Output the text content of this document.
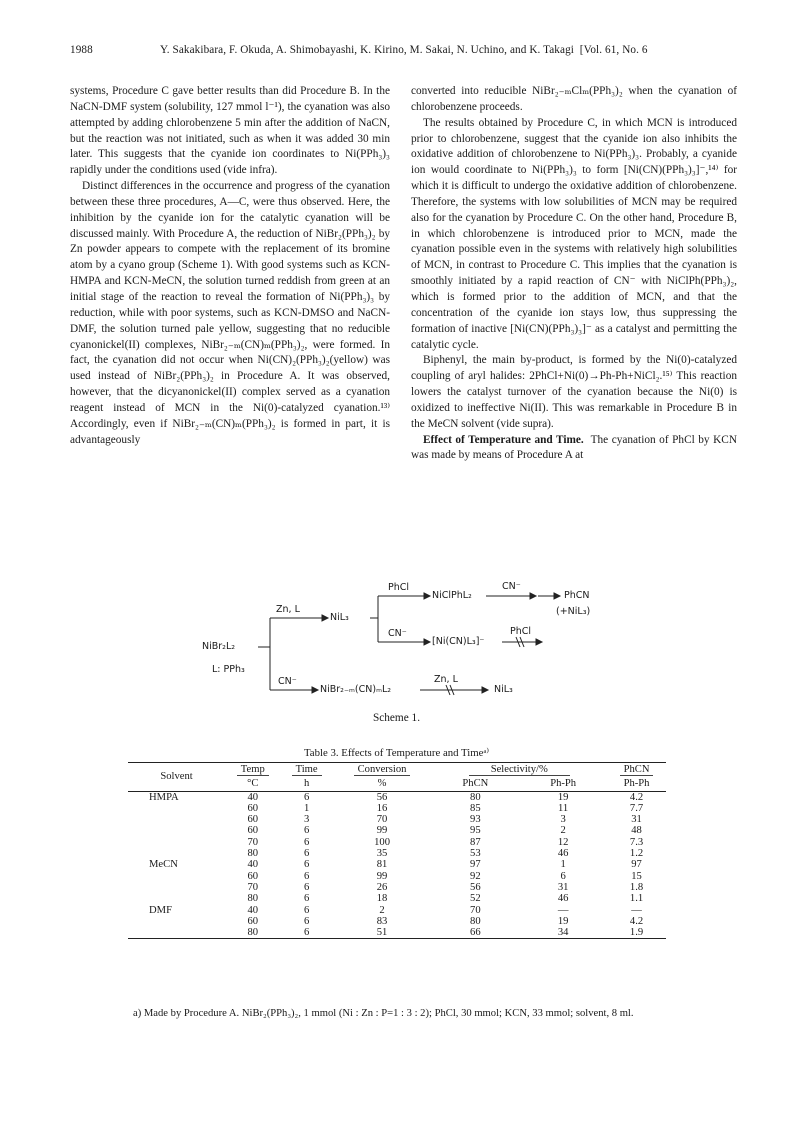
1988	Y. Sakakibara, F. Okuda, A. Shimobayashi, K. Kirino, M. Sakai, N. Uchino, and K. Takagi [Vol. 61, No. 6

systems, Procedure C gave better results than did Procedure B. In the NaCN-DMF system (solubility, 127 mmol l⁻¹), the cyanation was also attempted by adding chlorobenzene 5 min after the addition of NaCN, but the reaction was not initiated, such as when it was added 30 min later. This suggests that the cyanide ion coordinates to Ni(PPh₃)₃ rapidly under the conditions used (vide infra).

Distinct differences in the occurrence and progress of the cyanation between these three procedures, A—C, were thus observed. Here, the inhibition by the cyanide ion for the catalytic cyanation will be discussed mainly. With Procedure A, the reduction of NiBr₂(PPh₃)₂ by Zn powder appears to compete with the replacement of its bromine atom by a cyano group (Scheme 1). With good systems such as KCN-HMPA and KCN-MeCN, the solution turned reddish from green at an initial stage of the reaction to reveal the formation of Ni(PPh₃)₃ by reduction, while with poor systems, such as KCN-DMSO and NaCN-DMF, the solution turned pale yellow, suggesting that no reducible cyanonickel(II) complexes, NiBr₂₋ₘ(CN)ₘ(PPh₃)₂, were formed. In fact, the cyanation did not occur when Ni(CN)₂(PPh₃)₂(yellow) was used instead of NiBr₂(PPh₃)₂ in Procedure A. It was observed, however, that the dicyanonickel(II) complex served as a cyanation reagent instead of MCN in the Ni(0)-catalyzed cyanation.¹³⁾ Accordingly, even if NiBr₂₋ₘ(CN)ₘ(PPh₃)₂ is formed in part, it is advantageously

converted into reducible NiBr₂₋ₘClₘ(PPh₃)₂ when the cyanation of chlorobenzene proceeds.

The results obtained by Procedure C, in which MCN is introduced prior to chlorobenzene, suggest that the cyanide ion also inhibits the oxidative addition of chlorobenzene to Ni(PPh₃)₃. Probably, a cyanide ion would coordinate to Ni(PPh₃)₃ to form [Ni(CN)(PPh₃)₃]⁻,¹⁴⁾ for which it is difficult to undergo the oxidative addition of chlorobenzene. Therefore, the systems with low solubilities of MCN may be required also for the cyanation by Procedure C. On the other hand, Procedure B, in which chlorobenzene is introduced prior to MCN, made the cyanation possible even in the systems with relatively high solubilities of MCN, in contrast to Procedure C. This implies that the cyanation is smoothly initiated by a rapid reaction of CN⁻ with NiClPh(PPh₃)₂, which is formed prior to the addition of MCN, and that the concentration of the cyanide ion stays low, thus suppressing the formation of inactive [Ni(CN)(PPh₃)₃]⁻ as a catalyst and permitting the catalytic cycle.

Biphenyl, the main by-product, is formed by the Ni(0)-catalyzed coupling of aryl halides: 2PhCl+Ni(0)→Ph-Ph+NiCl₂.¹⁵⁾ This reaction lowers the catalyst turnover of the cyanation because the Ni(0) is oxidized to ineffective Ni(II). This was remarkable in Procedure B in the MeCN solvent (vide supra).

Effect of Temperature and Time. The cyanation of PhCl by KCN was made by means of Procedure A at

NiBr₂L₂
L: PPh₃
Zn, L
NiL₃
PhCl
NiClPhL₂
CN⁻
PhCN
(+NiL₃)
CN⁻
[Ni(CN)L₃]⁻
PhCl
CN⁻
NiBr₂₋ₘ(CN)ₘL₂
Zn, L
NiL₃
Scheme 1.
Table 3. Effects of Temperature and Timeᵃ⁾
Solvent	Temp	Time	Conversion	Selectivity/%		PhCN
	°C	h	%	PhCN	Ph-Ph	Ph-Ph
HMPA	40	6	56	80	19	4.2
	60	1	16	85	11	7.7
	60	3	70	93	3	31
	60	6	99	95	2	48
	70	6	100	87	12	7.3
	80	6	35	53	46	1.2
MeCN	40	6	81	97	1	97
	60	6	99	92	6	15
	70	6	26	56	31	1.8
	80	6	18	52	46	1.1
DMF	40	6	2	70	—	—
	60	6	83	80	19	4.2
	80	6	51	66	34	1.9
a) Made by Procedure A. NiBr₂(PPh₃)₂, 1 mmol (Ni : Zn : P=1 : 3 : 2); PhCl, 30 mmol; KCN, 33 mmol; solvent, 8 ml.
